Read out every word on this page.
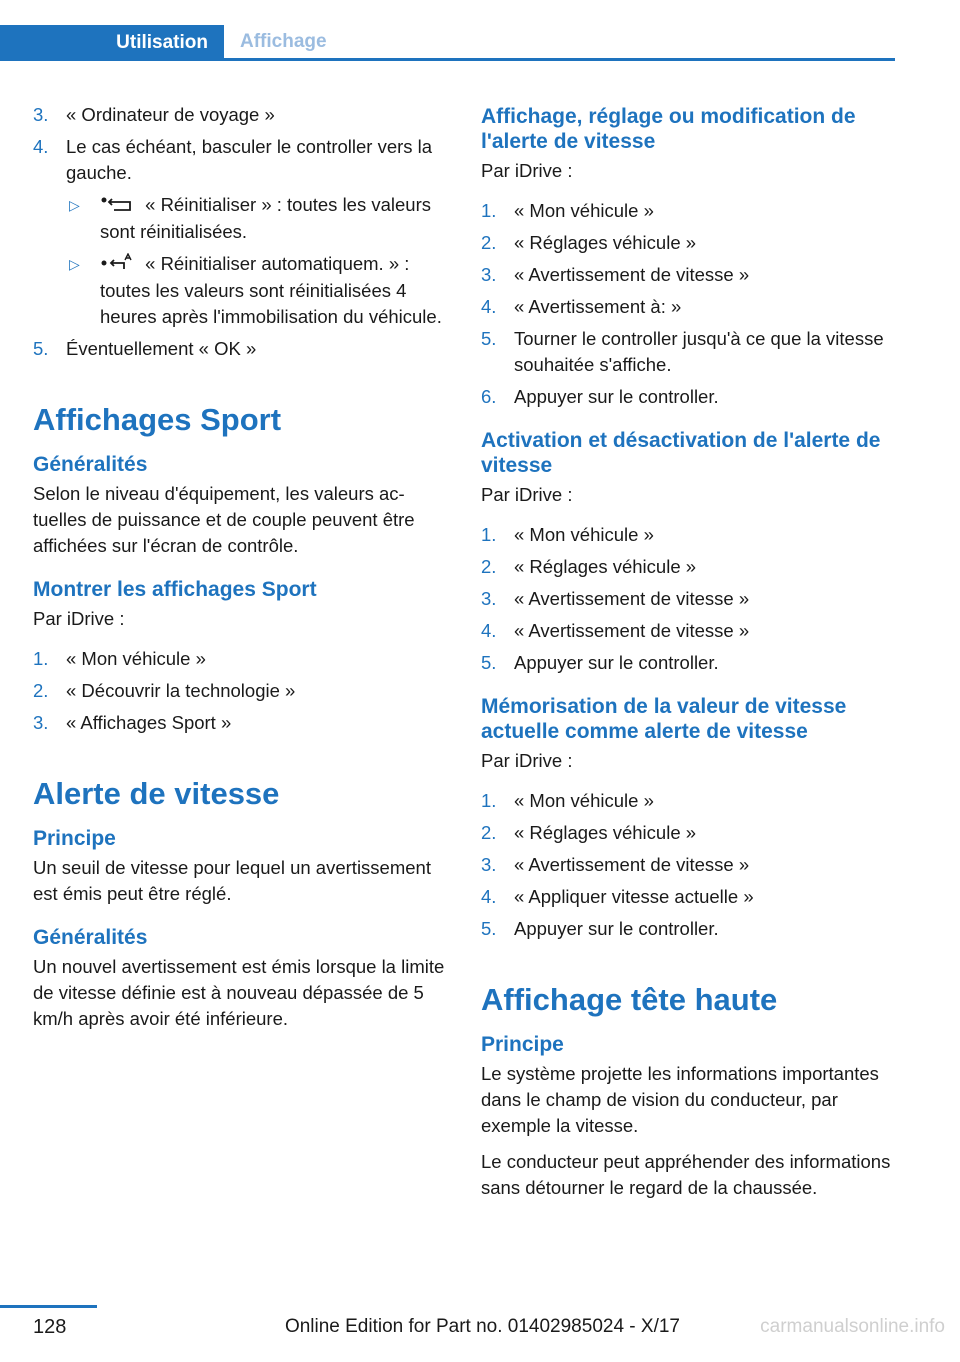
Utilisation	Affichage
3. « Ordinateur de voyage »
4. Le cas échéant, basculer le controller vers la gauche.
▷	« Réinitialiser » : toutes les valeurs sont réinitialisées.
▷	« Réinitialiser automatiquem. » : toutes les valeurs sont réinitialisées 4 heures après l'immobilisation du véhicule.
5. Éventuellement « OK »
Affichages Sport
Généralités
Selon le niveau d'équipement, les valeurs actuelles de puissance et de couple peuvent être affichées sur l'écran de contrôle.
Montrer les affichages Sport
Par iDrive :
1. « Mon véhicule »
2. « Découvrir la technologie »
3. « Affichages Sport »
Alerte de vitesse
Principe
Un seuil de vitesse pour lequel un avertissement est émis peut être réglé.
Généralités
Un nouvel avertissement est émis lorsque la limite de vitesse définie est à nouveau dépassée de 5 km/h après avoir été inférieure.
Affichage, réglage ou modification de l'alerte de vitesse
Par iDrive :
1. « Mon véhicule »
2. « Réglages véhicule »
3. « Avertissement de vitesse »
4. « Avertissement à: »
5. Tourner le controller jusqu'à ce que la vitesse souhaitée s'affiche.
6. Appuyer sur le controller.
Activation et désactivation de l'alerte de vitesse
Par iDrive :
1. « Mon véhicule »
2. « Réglages véhicule »
3. « Avertissement de vitesse »
4. « Avertissement de vitesse »
5. Appuyer sur le controller.
Mémorisation de la valeur de vitesse actuelle comme alerte de vitesse
Par iDrive :
1. « Mon véhicule »
2. « Réglages véhicule »
3. « Avertissement de vitesse »
4. « Appliquer vitesse actuelle »
5. Appuyer sur le controller.
Affichage tête haute
Principe
Le système projette les informations importantes dans le champ de vision du conducteur, par exemple la vitesse.
Le conducteur peut appréhender des informations sans détourner le regard de la chaussée.
128	Online Edition for Part no. 01402985024 - X/17	carmanualsonline.info
